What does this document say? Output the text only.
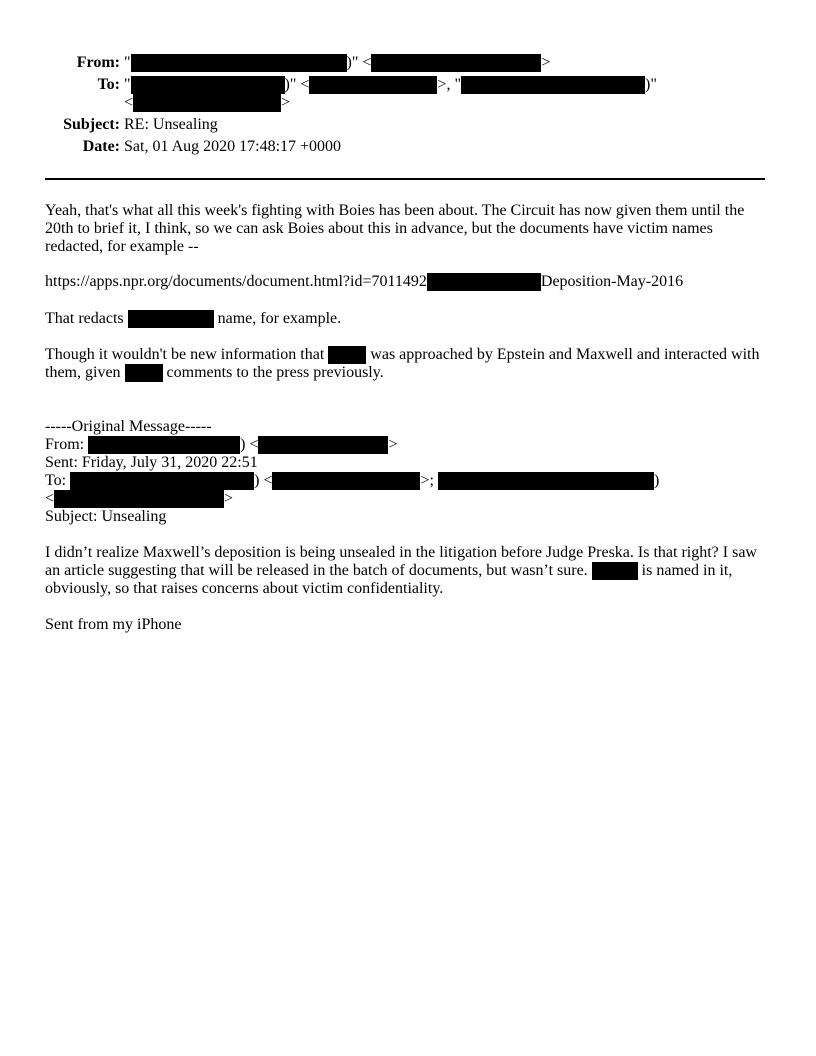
From: "	)" <	>
To: "	)" <	>, "	)"
<	>
Subject: RE: Unsealing
Date: Sat, 01 Aug 2020 17:48:17 +0000
Yeah, that's what all this week's fighting with Boies has been about. The Circuit has now given them until the
20th to brief it, I think, so we can ask Boies about this in advance, but the documents have victim names
redacted, for example --
https://apps.npr.org/documents/document.html?id=7011492	Deposition-May-2016
That redacts	name, for example.
Though it wouldn't be new information that	was approached by Epstein and Maxwell and interacted with
them, given	comments to the press previously.
-----Original Message-----
From:	) <	>
Sent: Friday, July 31, 2020 22:51
To:	) <	>;	)
<	>
Subject: Unsealing
I didn’t realize Maxwell’s deposition is being unsealed in the litigation before Judge Preska. Is that right? I saw
an article suggesting that will be released in the batch of documents, but wasn’t sure.	is named in it,
obviously, so that raises concerns about victim confidentiality.
Sent from my iPhone
